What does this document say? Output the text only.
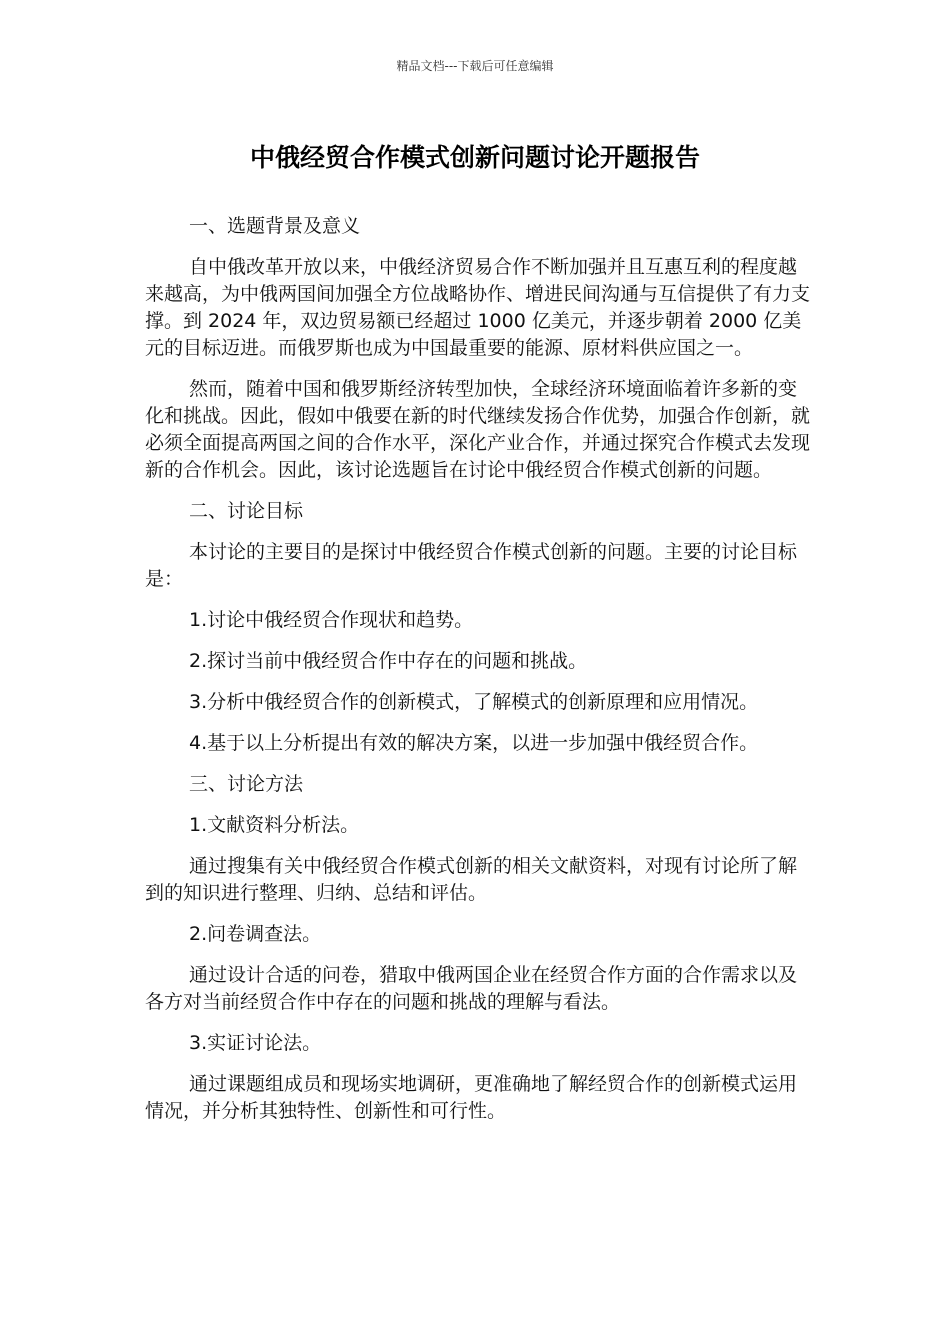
精品文档---下载后可任意编辑
中俄经贸合作模式创新问题讨论开题报告

一、选题背景及意义

自中俄改革开放以来，中俄经济贸易合作不断加强并且互惠互利的程度越来越高，为中俄两国间加强全方位战略协作、增进民间沟通与互信提供了有力支撑。到 2024 年，双边贸易额已经超过 1000 亿美元，并逐步朝着 2000 亿美元的目标迈进。而俄罗斯也成为中国最重要的能源、原材料供应国之一。

然而，随着中国和俄罗斯经济转型加快，全球经济环境面临着许多新的变化和挑战。因此，假如中俄要在新的时代继续发扬合作优势，加强合作创新，就必须全面提高两国之间的合作水平，深化产业合作，并通过探究合作模式去发现新的合作机会。因此，该讨论选题旨在讨论中俄经贸合作模式创新的问题。

二、讨论目标

本讨论的主要目的是探讨中俄经贸合作模式创新的问题。主要的讨论目标是：

1.讨论中俄经贸合作现状和趋势。

2.探讨当前中俄经贸合作中存在的问题和挑战。

3.分析中俄经贸合作的创新模式，了解模式的创新原理和应用情况。

4.基于以上分析提出有效的解决方案，以进一步加强中俄经贸合作。

三、讨论方法

1.文献资料分析法。

通过搜集有关中俄经贸合作模式创新的相关文献资料，对现有讨论所了解到的知识进行整理、归纳、总结和评估。

2.问卷调查法。

通过设计合适的问卷，猎取中俄两国企业在经贸合作方面的合作需求以及各方对当前经贸合作中存在的问题和挑战的理解与看法。

3.实证讨论法。

通过课题组成员和现场实地调研，更准确地了解经贸合作的创新模式运用情况，并分析其独特性、创新性和可行性。
